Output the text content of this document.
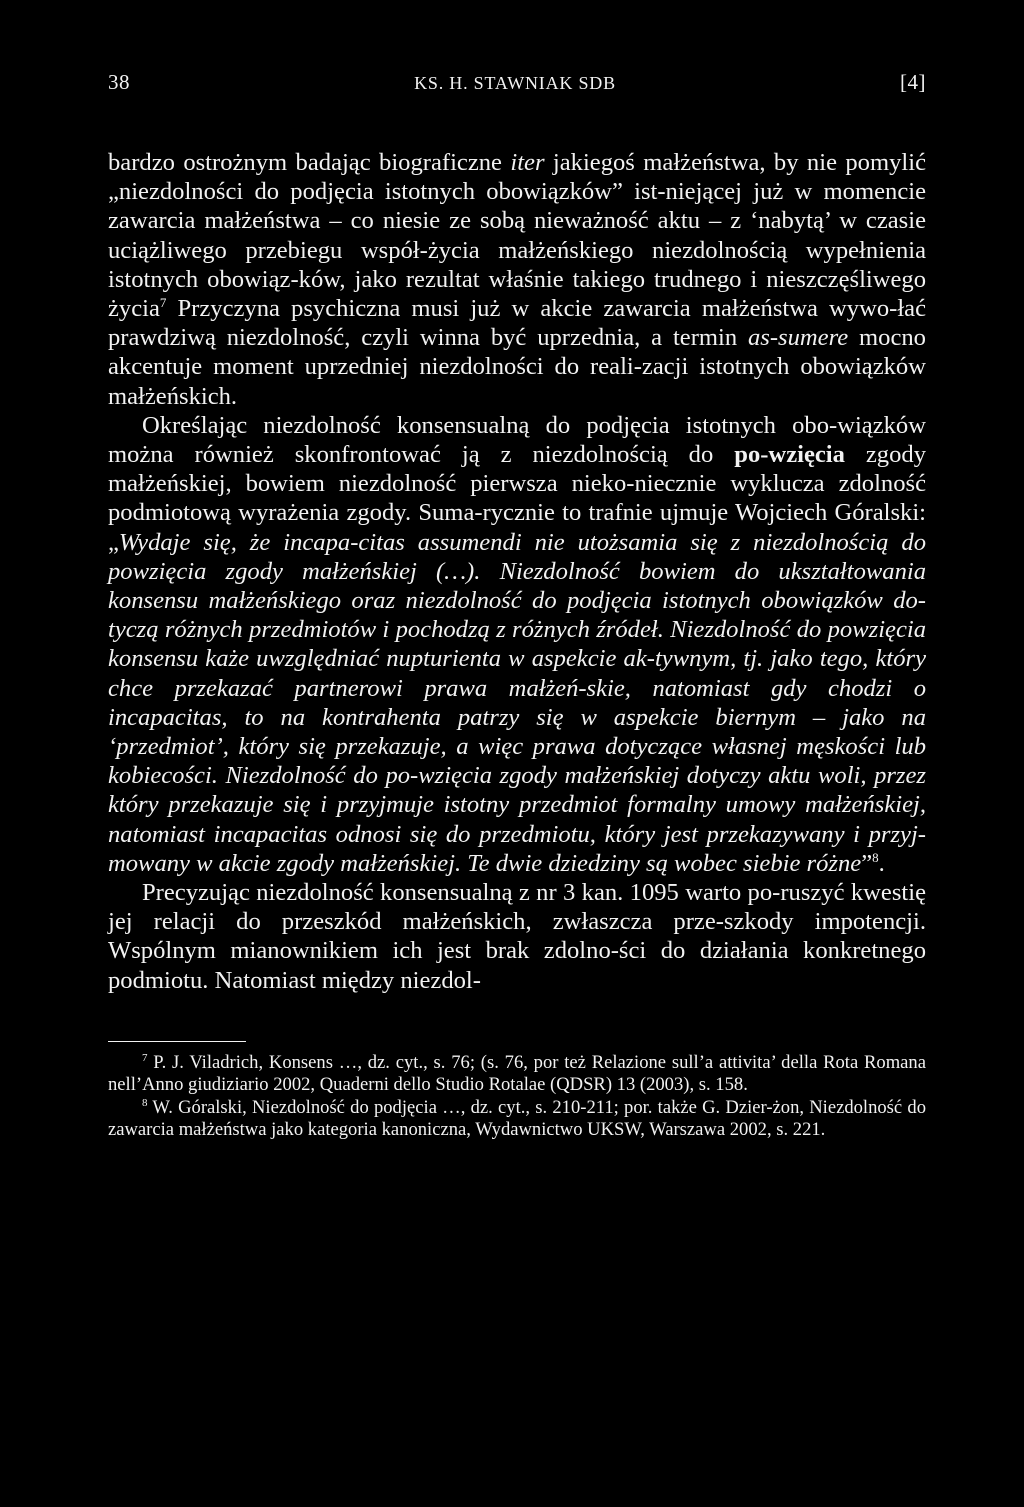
38	KS. H. STAWNIAK SDB	[4]

bardzo ostrożnym badając biograficzne iter jakiegoś małżeństwa, by nie pomylić „niezdolności do podjęcia istotnych obowiązków” ist-niejącej już w momencie zawarcia małżeństwa – co niesie ze sobą nieważność aktu – z ‘nabytą’ w czasie uciążliwego przebiegu współ-życia małżeńskiego niezdolnością wypełnienia istotnych obowiąz-ków, jako rezultat właśnie takiego trudnego i nieszczęśliwego życia$^7$ Przyczyna psychiczna musi już w akcie zawarcia małżeństwa wywo-łać prawdziwą niezdolność, czyli winna być uprzednia, a termin as-sumere mocno akcentuje moment uprzedniej niezdolności do reali-zacji istotnych obowiązków małżeńskich.

Określając niezdolność konsensualną do podjęcia istotnych obo-wiązków można również skonfrontować ją z niezdolnością do po-wzięcia zgody małżeńskiej, bowiem niezdolność pierwsza nieko-niecznie wyklucza zdolność podmiotową wyrażenia zgody. Suma-rycznie to trafnie ujmuje Wojciech Góralski: „Wydaje się, że incapa-citas assumendi nie utożsamia się z niezdolnością do powzięcia zgody małżeńskiej (…). Niezdolność bowiem do ukształtowania konsensu małżeńskiego oraz niezdolność do podjęcia istotnych obowiązków do-tyczą różnych przedmiotów i pochodzą z różnych źródeł. Niezdolność do powzięcia konsensu każe uwzględniać nupturienta w aspekcie ak-tywnym, tj. jako tego, który chce przekazać partnerowi prawa małżeń-skie, natomiast gdy chodzi o incapacitas, to na kontrahenta patrzy się w aspekcie biernym – jako na ‘przedmiot’, który się przekazuje, a więc prawa dotyczące własnej męskości lub kobiecości. Niezdolność do po-wzięcia zgody małżeńskiej dotyczy aktu woli, przez który przekazuje się i przyjmuje istotny przedmiot formalny umowy małżeńskiej, natomiast incapacitas odnosi się do przedmiotu, który jest przekazywany i przyj-mowany w akcie zgody małżeńskiej. Te dwie dziedziny są wobec siebie różne”$^8$.

Precyzując niezdolność konsensualną z nr 3 kan. 1095 warto po-ruszyć kwestię jej relacji do przeszkód małżeńskich, zwłaszcza prze-szkody impotencji. Wspólnym mianownikiem ich jest brak zdolno-ści do działania konkretnego podmiotu. Natomiast między niezdol-

$^7$ P. J. Viladrich, Konsens …, dz. cyt., s. 76; (s. 76, por też Relazione sull’a attivita’ della Rota Romana nell’Anno giudiziario 2002, Quaderni dello Studio Rotalae (QDSR) 13 (2003), s. 158.

$^8$ W. Góralski, Niezdolność do podjęcia …, dz. cyt., s. 210-211; por. także G. Dzier-żon, Niezdolność do zawarcia małżeństwa jako kategoria kanoniczna, Wydawnictwo UKSW, Warszawa 2002, s. 221.
